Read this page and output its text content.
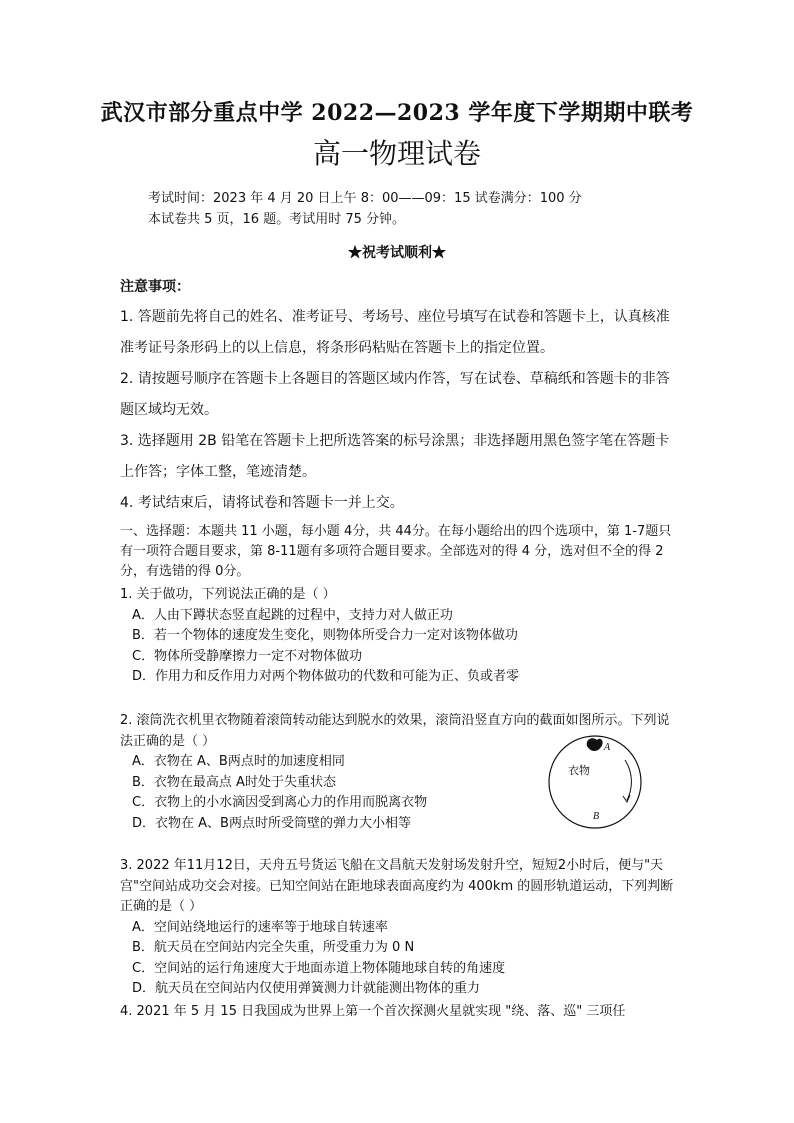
武汉市部分重点中学 2022—2023 学年度下学期期中联考
高一物理试卷
考试时间：2023 年 4 月 20 日上午 8：00——09：15 试卷满分：100 分
本试卷共 5 页，16 题。考试用时 75 分钟。
★祝考试顺利★
注意事项：
1. 答题前先将自己的姓名、准考证号、考场号、座位号填写在试卷和答题卡上，认真核准准考证号条形码上的以上信息，将条形码粘贴在答题卡上的指定位置。
2. 请按题号顺序在答题卡上各题目的答题区域内作答，写在试卷、草稿纸和答题卡的非答题区域均无效。
3. 选择题用 2B 铅笔在答题卡上把所选答案的标号涂黑；非选择题用黑色签字笔在答题卡上作答；字体工整，笔迹清楚。
4. 考试结束后，请将试卷和答题卡一并上交。
一、选择题：本题共 11 小题，每小题 4分，共 44分。在每小题给出的四个选项中，第 1-7题只有一项符合题目要求，第 8-11题有多项符合题目要求。全部选对的得 4 分，选对但不全的得 2 分，有选错的得 0分。

1. 关于做功，下列说法正确的是（ ）

A．人由下蹲状态竖直起跳的过程中，支持力对人做正功

B．若一个物体的速度发生变化，则物体所受合力一定对该物体做功

C．物体所受静摩擦力一定不对物体做功

D．作用力和反作用力对两个物体做功的代数和可能为正、负或者零

2. 滚筒洗衣机里衣物随着滚筒转动能达到脱水的效果，滚筒沿竖直方向的截面如图所示。下列说法正确的是（ ）

A．衣物在 A、B两点时的加速度相同

B．衣物在最高点 A时处于失重状态

C．衣物上的小水滴因受到离心力的作用而脱离衣物

D．衣物在 A、B两点时所受筒壁的弹力大小相等

A
衣物
B

3. 2022 年11月12日，天舟五号货运飞船在文昌航天发射场发射升空，短短2小时后，便与"天宫"空间站成功交会对接。已知空间站在距地球表面高度约为 400km 的圆形轨道运动，下列判断正确的是（ ）

A．空间站绕地运行的速率等于地球自转速率

B．航天员在空间站内完全失重，所受重力为 0 N

C．空间站的运行角速度大于地面赤道上物体随地球自转的角速度

D．航天员在空间站内仅使用弹簧测力计就能测出物体的重力

4. 2021 年 5 月 15 日我国成为世界上第一个首次探测火星就实现 "绕、落、巡" 三项任
